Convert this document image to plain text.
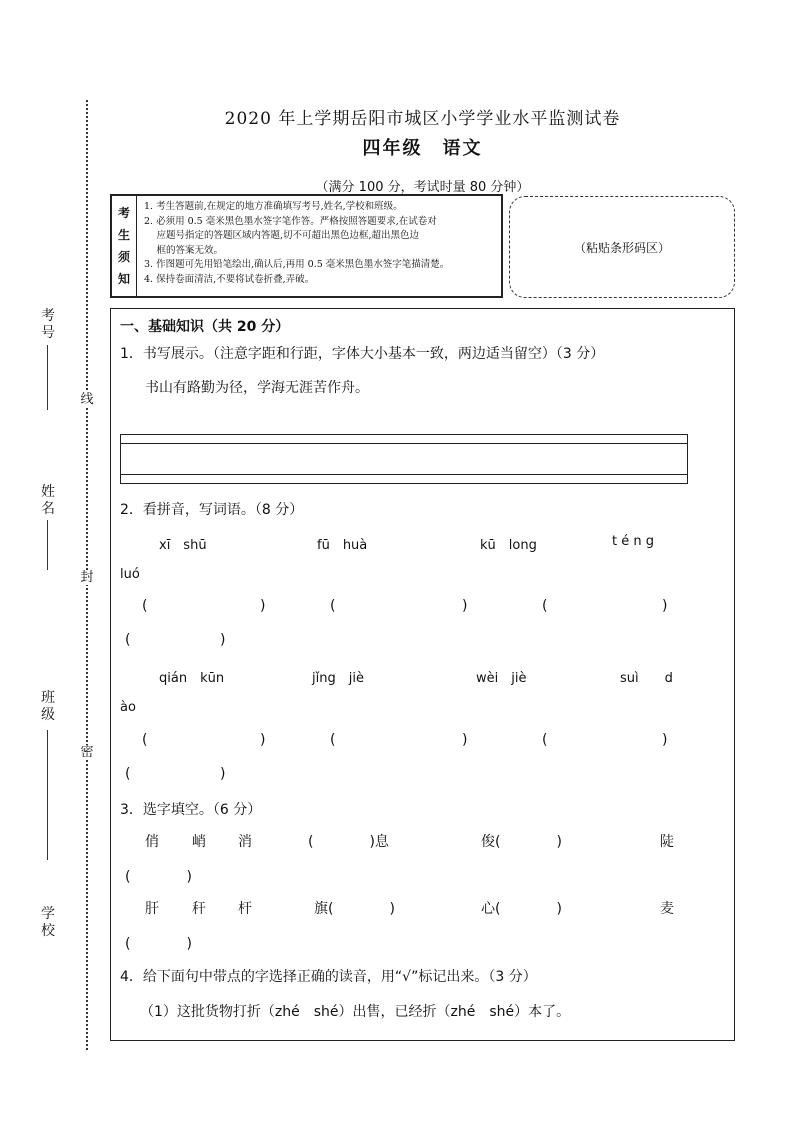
考号
姓名
班级
学校
线
封
密
2020 年上学期岳阳市城区小学学业水平监测试卷
四年级　语文
（满分 100 分，考试时量 80 分钟）
考
生
须
知
1. 考生答题前,在规定的地方准确填写考号,姓名,学校和班级。
2. 必须用 0.5 毫米黑色墨水签字笔作答。严格按照答题要求,在试卷对
　 应题号指定的答题区域内答题,切不可超出黑色边框,超出黑色边
　 框的答案无效。
3. 作图题可先用铅笔绘出,确认后,再用 0.5 毫米黑色墨水签字笔描清楚。
4. 保持卷面清洁,不要将试卷折叠,弄破。
（粘贴条形码区）
一、基础知识（共 20 分）
1．书写展示。（注意字距和行距，字体大小基本一致，两边适当留空）（3 分）
书山有路勤为径，学海无涯苦作舟。
2．看拼音，写词语。（8 分）
xī　shū	fū　huà	kū　long	t é n g
luó
(	)	(	)	(	)
(	)
qián　kūn	jǐng　jiè	wèi　jiè	suì　　d
ào
(	)	(	)	(	)
(	)
3．选字填空。（6 分）
俏 峭 消	(　　　　)息	俊(　　　　)	陡
(　　　　)
肝 秆 杆	旗(　　　　)	心(　　　　)	麦
(　　　　)
4．给下面句中带点的字选择正确的读音，用“√”标记出来。（3 分）
（1）这批货物打折（zhé　shé）出售，已经折（zhé　shé）本了。
